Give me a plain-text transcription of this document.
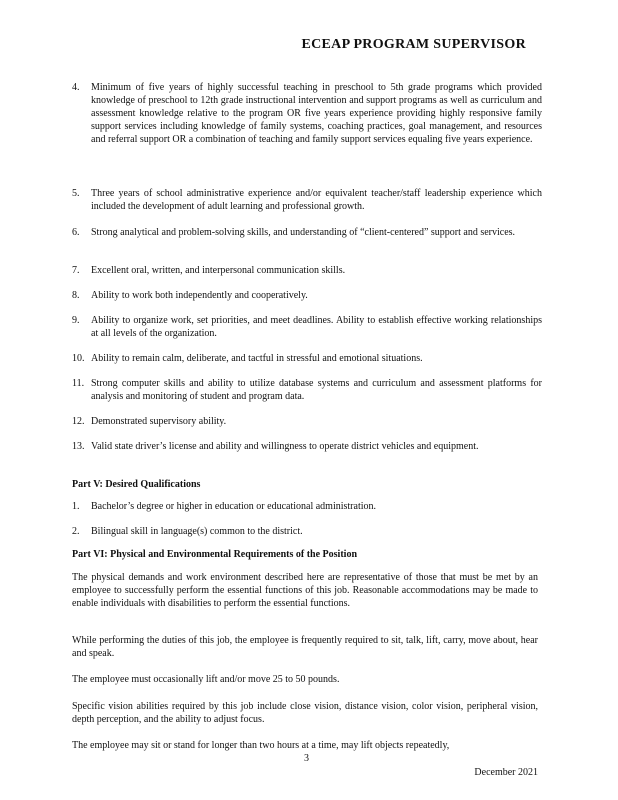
ECEAP PROGRAM SUPERVISOR
4.	Minimum of five years of highly successful teaching in preschool to 5th grade programs which provided knowledge of preschool to 12th grade instructional intervention and support programs as well as curriculum and assessment knowledge relative to the program OR five years experience providing highly responsive family support services including knowledge of family systems, coaching practices, goal management, and resources and referral support OR a combination of teaching and family support services equaling five years experience.
5.	Three years of school administrative experience and/or equivalent teacher/staff leadership experience which included the development of adult learning and professional growth.
6.	Strong analytical and problem-solving skills, and understanding of “client-centered” support and services.
7.	Excellent oral, written, and interpersonal communication skills.
8.	Ability to work both independently and cooperatively.
9.	Ability to organize work, set priorities, and meet deadlines. Ability to establish effective working relationships at all levels of the organization.
10. Ability to remain calm, deliberate, and tactful in stressful and emotional situations.
11. Strong computer skills and ability to utilize database systems and curriculum and assessment platforms for analysis and monitoring of student and program data.
12. Demonstrated supervisory ability.
13. Valid state driver’s license and ability and willingness to operate district vehicles and equipment.
Part V: Desired Qualifications
1.	Bachelor’s degree or higher in education or educational administration.
2.	Bilingual skill in language(s) common to the district.
Part VI: Physical and Environmental Requirements of the Position
The physical demands and work environment described here are representative of those that must be met by an employee to successfully perform the essential functions of this job. Reasonable accommodations may be made to enable individuals with disabilities to perform the essential functions.
While performing the duties of this job, the employee is frequently required to sit, talk, lift, carry, move about, hear and speak.
The employee must occasionally lift and/or move 25 to 50 pounds.
Specific vision abilities required by this job include close vision, distance vision, color vision, peripheral vision, depth perception, and the ability to adjust focus.
The employee may sit or stand for longer than two hours at a time, may lift objects repeatedly,
3
December 2021
